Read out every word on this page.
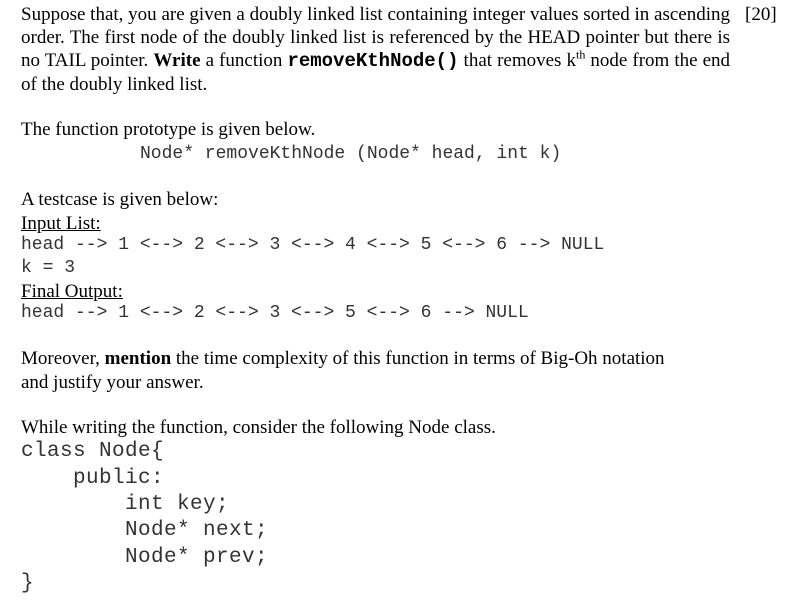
Suppose that, you are given a doubly linked list containing integer values sorted in ascending order. The first node of the doubly linked list is referenced by the HEAD pointer but there is no TAIL pointer. Write a function removeKthNode() that removes $k^{th}$ node from the end of the doubly linked list.
[20]
The function prototype is given below.
Node* removeKthNode (Node* head, int k)
A testcase is given below:
Input List:
head --> 1 <--> 2 <--> 3 <--> 4 <--> 5 <--> 6 --> NULL
k = 3
Final Output:
head --> 1 <--> 2 <--> 3 <--> 5 <--> 6 --> NULL
Moreover, mention the time complexity of this function in terms of Big-Oh notation
and justify your answer.
While writing the function, consider the following Node class.
class Node{
public:
int key;
Node* next;
Node* prev;
}
